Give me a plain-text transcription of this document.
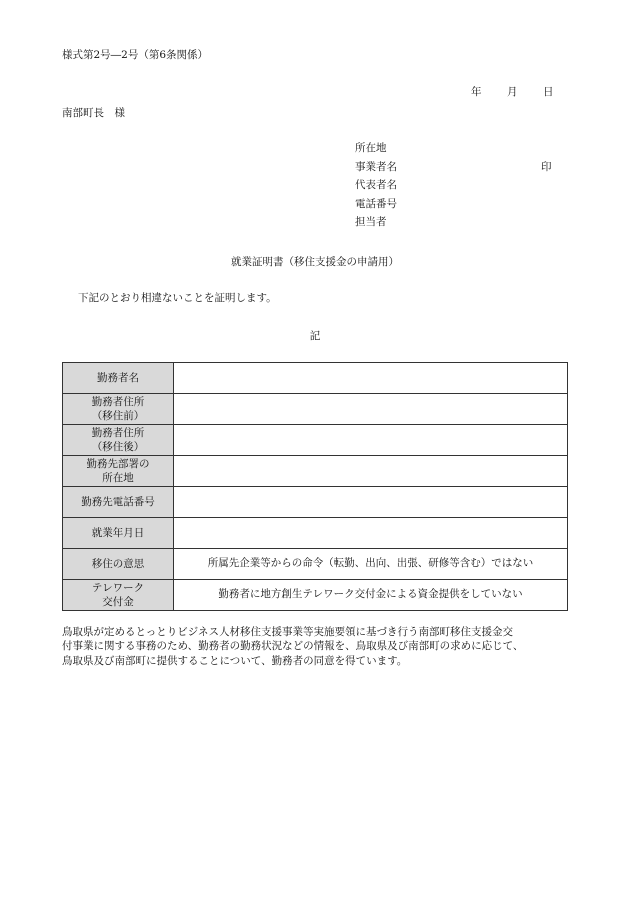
様式第2号―2号（第6条関係）
年 月 日
南部町長　様
所在地
事業者名	印
代表者名
電話番号
担当者
就業証明書（移住支援金の申請用）
下記のとおり相違ないことを証明します。
記
勤務者名	

勤務者住所
（移住前）	

勤務者住所
（移住後）	

勤務先部署の
所在地	

勤務先電話番号	

就業年月日	

移住の意思	所属先企業等からの命令（転勤、出向、出張、研修等含む）ではない

テレワーク
交付金	勤務者に地方創生テレワーク交付金による資金提供をしていない
鳥取県が定めるとっとりビジネス人材移住支援事業等実施要領に基づき行う南部町移住支援金交
付事業に関する事務のため、勤務者の勤務状況などの情報を、鳥取県及び南部町の求めに応じて、
鳥取県及び南部町に提供することについて、勤務者の同意を得ています。
